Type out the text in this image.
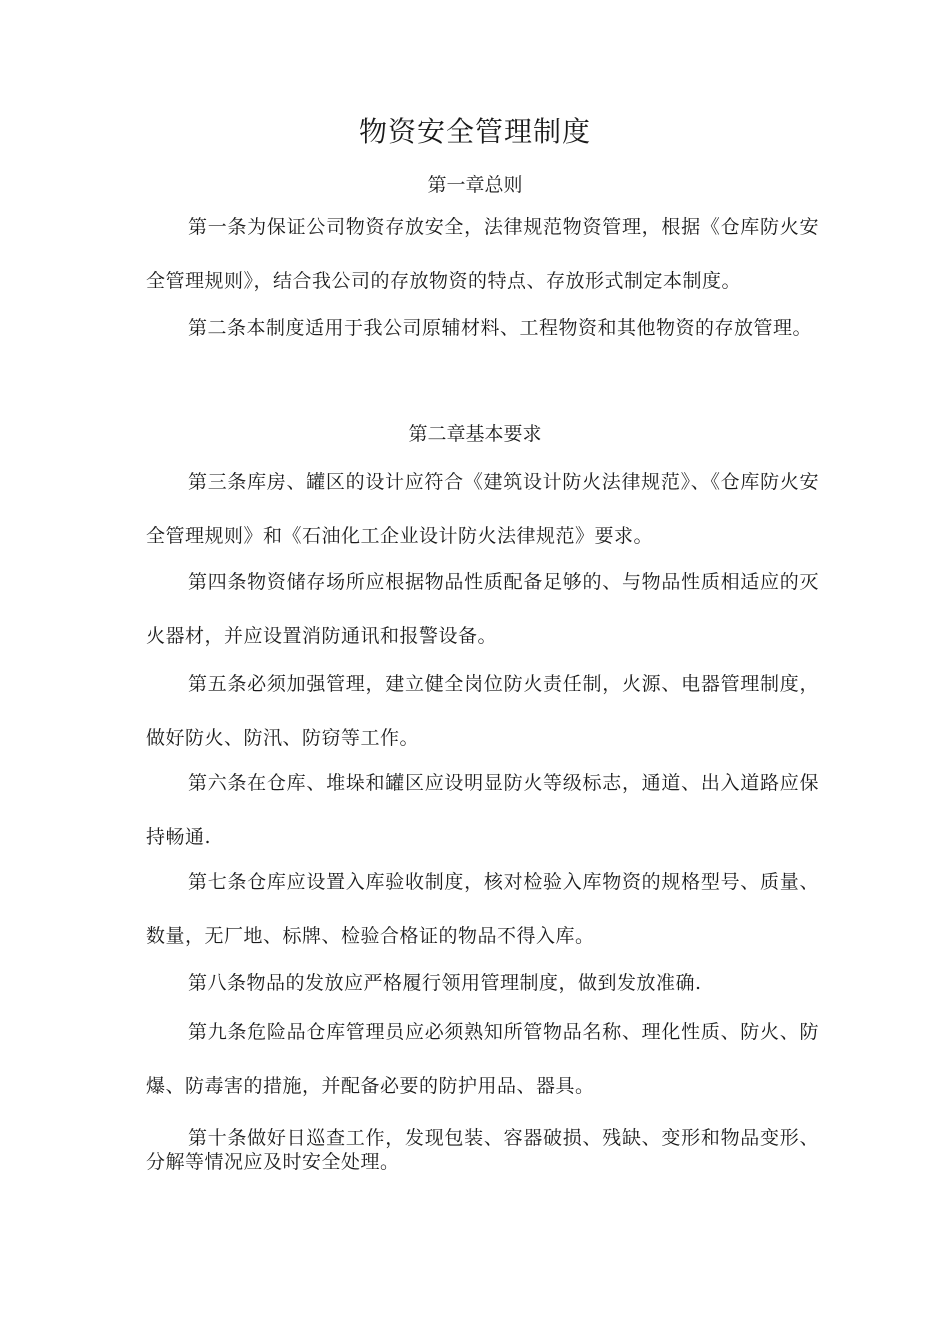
物资安全管理制度
第一章总则

第一条为保证公司物资存放安全，法律规范物资管理，根据《仓库防火安全管理规则》，结合我公司的存放物资的特点、存放形式制定本制度。

第二条本制度适用于我公司原辅材料、工程物资和其他物资的存放管理。

第二章基本要求

第三条库房、罐区的设计应符合《建筑设计防火法律规范》、《仓库防火安全管理规则》和《石油化工企业设计防火法律规范》要求。

第四条物资储存场所应根据物品性质配备足够的、与物品性质相适应的灭火器材，并应设置消防通讯和报警设备。

第五条必须加强管理，建立健全岗位防火责任制，火源、电器管理制度，做好防火、防汛、防窃等工作。

第六条在仓库、堆垛和罐区应设明显防火等级标志，通道、出入道路应保持畅通.

第七条仓库应设置入库验收制度，核对检验入库物资的规格型号、质量、数量，无厂地、标牌、检验合格证的物品不得入库。

第八条物品的发放应严格履行领用管理制度，做到发放准确.

第九条危险品仓库管理员应必须熟知所管物品名称、理化性质、防火、防爆、防毒害的措施，并配备必要的防护用品、器具。

第十条做好日巡查工作，发现包装、容器破损、残缺、变形和物品变形、分解等情况应及时安全处理。
